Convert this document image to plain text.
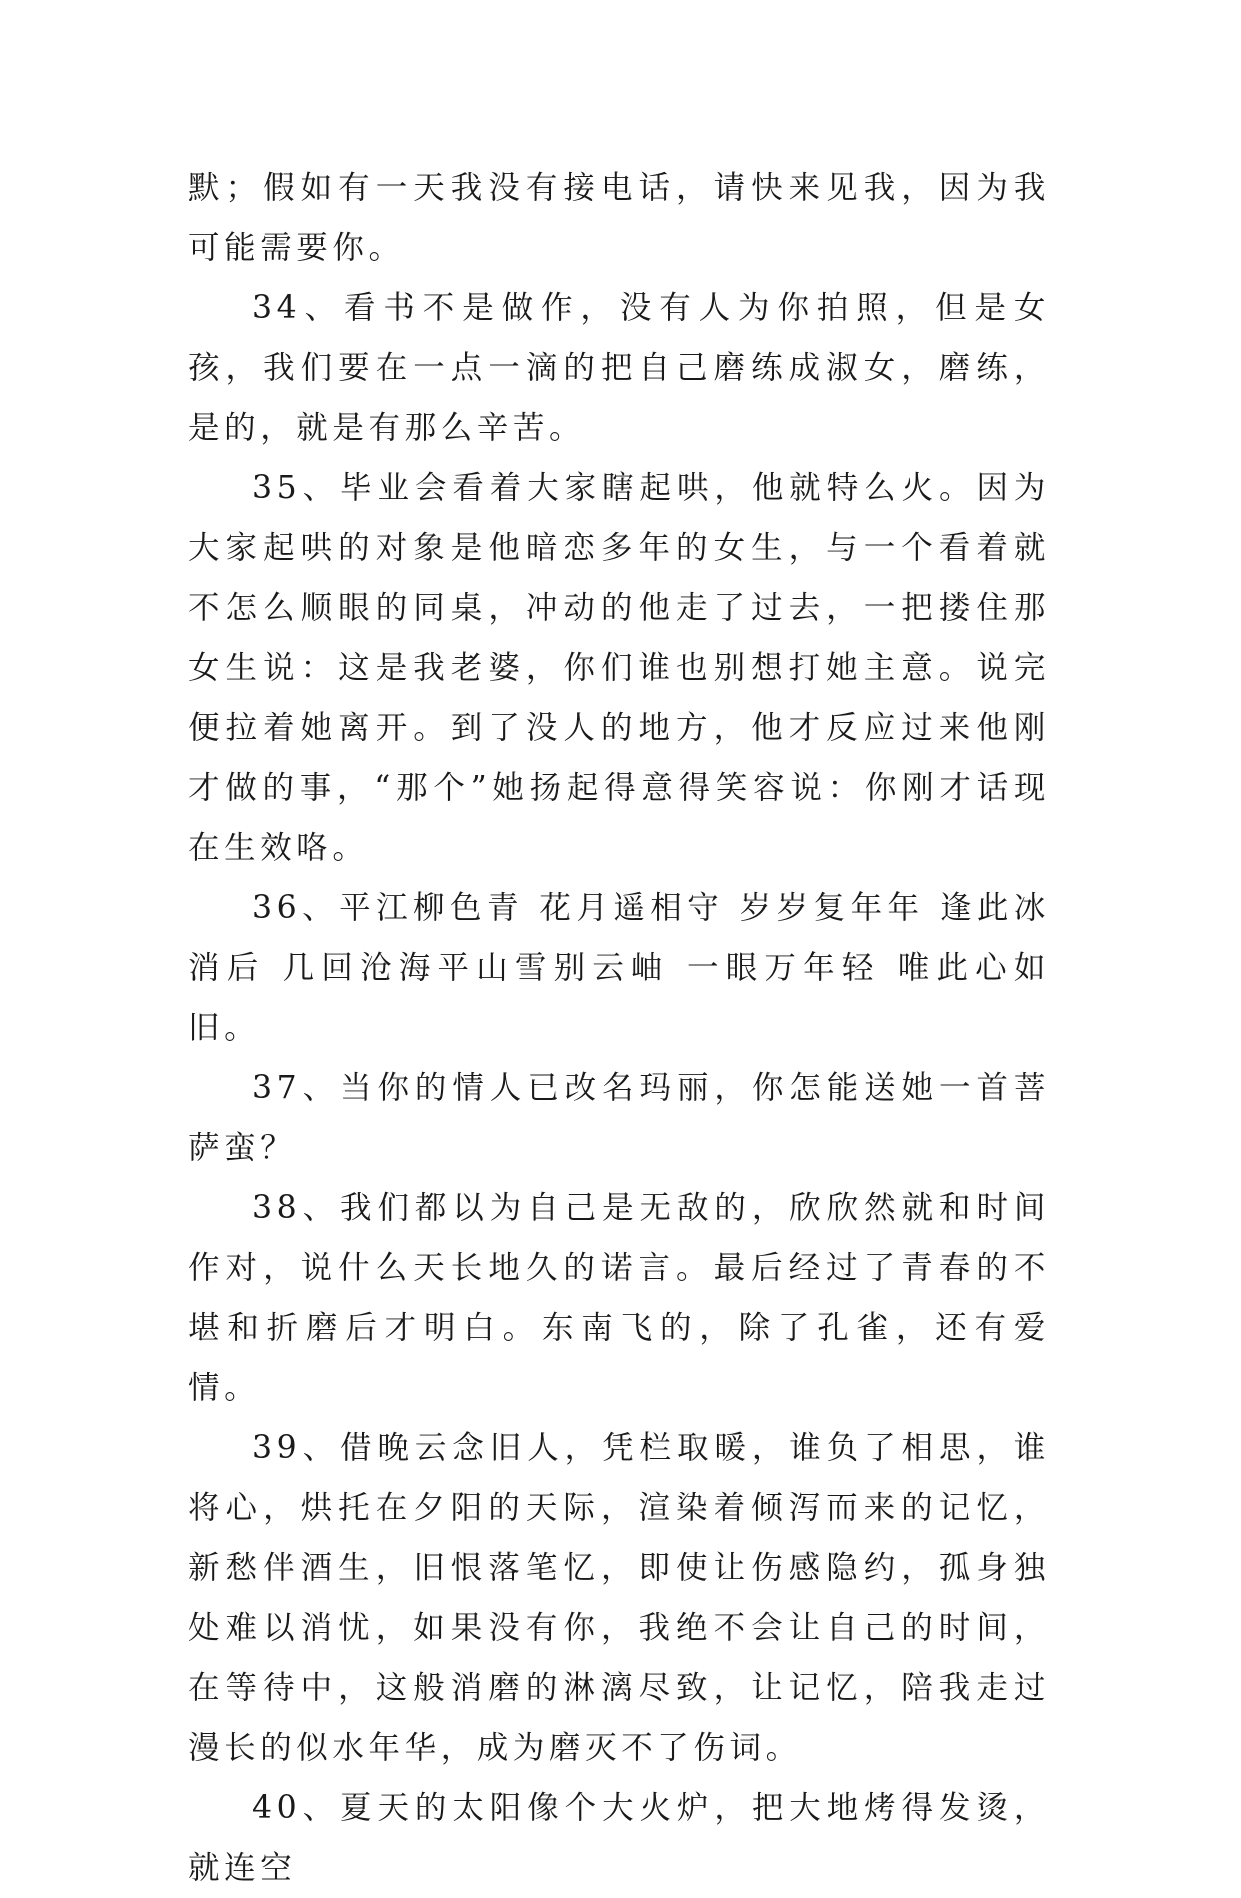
默；假如有一天我没有接电话，请快来见我，因为我可能需要你。

34、看书不是做作，没有人为你拍照，但是女孩，我们要在一点一滴的把自己磨练成淑女，磨练，是的，就是有那么辛苦。

35、毕业会看着大家瞎起哄，他就特么火。因为大家起哄的对象是他暗恋多年的女生，与一个看着就不怎么顺眼的同桌，冲动的他走了过去，一把搂住那女生说：这是我老婆，你们谁也别想打她主意。说完便拉着她离开。到了没人的地方，他才反应过来他刚才做的事，“那个”她扬起得意得笑容说：你刚才话现在生效咯。

36、平江柳色青 花月遥相守 岁岁复年年 逢此冰消后 几回沧海平山雪别云岫 一眼万年轻 唯此心如旧。

37、当你的情人已改名玛丽，你怎能送她一首菩萨蛮？

38、我们都以为自己是无敌的，欣欣然就和时间作对，说什么天长地久的诺言。最后经过了青春的不堪和折磨后才明白。东南飞的，除了孔雀，还有爱情。

39、借晚云念旧人，凭栏取暖，谁负了相思，谁将心，烘托在夕阳的天际，渲染着倾泻而来的记忆，新愁伴酒生，旧恨落笔忆，即使让伤感隐约，孤身独处难以消忧，如果没有你，我绝不会让自己的时间，在等待中，这般消磨的淋漓尽致，让记忆，陪我走过漫长的似水年华，成为磨灭不了伤词。

40、夏天的太阳像个大火炉，把大地烤得发烫，就连空
